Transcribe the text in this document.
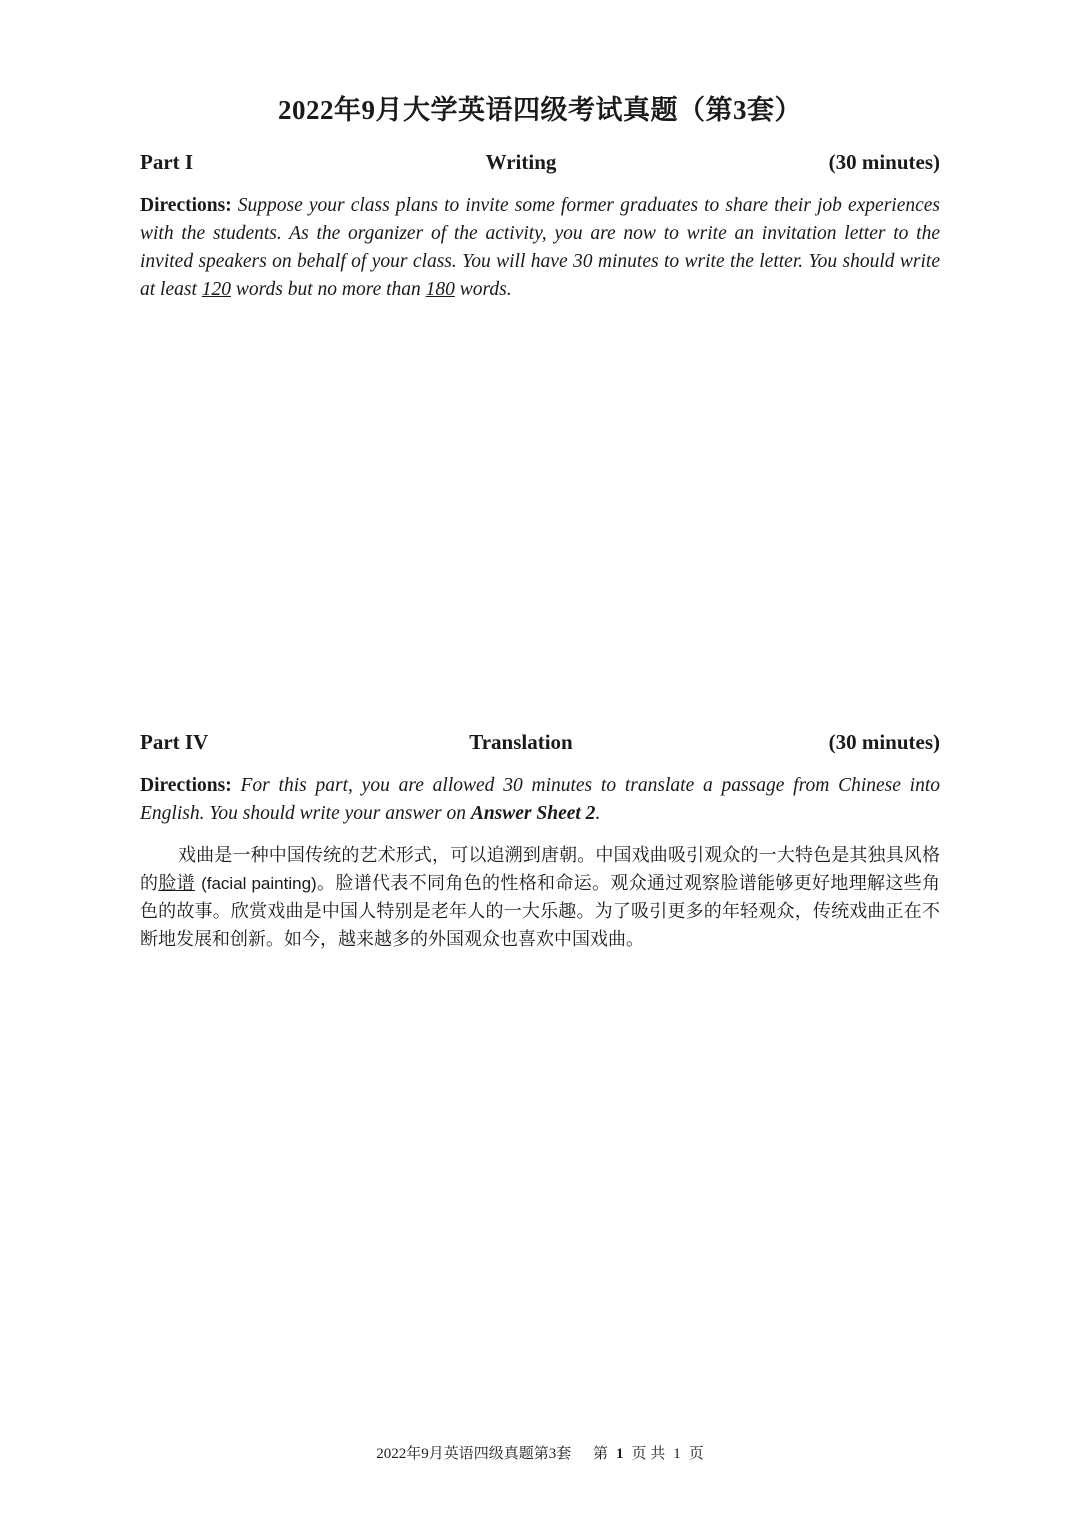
2022年9月大学英语四级考试真题（第3套）
Part I	Writing	(30 minutes)
Directions: Suppose your class plans to invite some former graduates to share their job experiences with the students. As the organizer of the activity, you are now to write an invitation letter to the invited speakers on behalf of your class. You will have 30 minutes to write the letter. You should write at least 120 words but no more than 180 words.
Part IV	Translation	(30 minutes)
Directions: For this part, you are allowed 30 minutes to translate a passage from Chinese into English. You should write your answer on Answer Sheet 2.
戏曲是一种中国传统的艺术形式，可以追溯到唐朝。中国戏曲吸引观众的一大特色是其独具风格的脸谱 (facial painting)。脸谱代表不同角色的性格和命运。观众通过观察脸谱能够更好地理解这些角色的故事。欣赏戏曲是中国人特别是老年人的一大乐趣。为了吸引更多的年轻观众，传统戏曲正在不断地发展和创新。如今，越来越多的外国观众也喜欢中国戏曲。
2022年9月英语四级真题第3套 第 1 页 共 1 页
